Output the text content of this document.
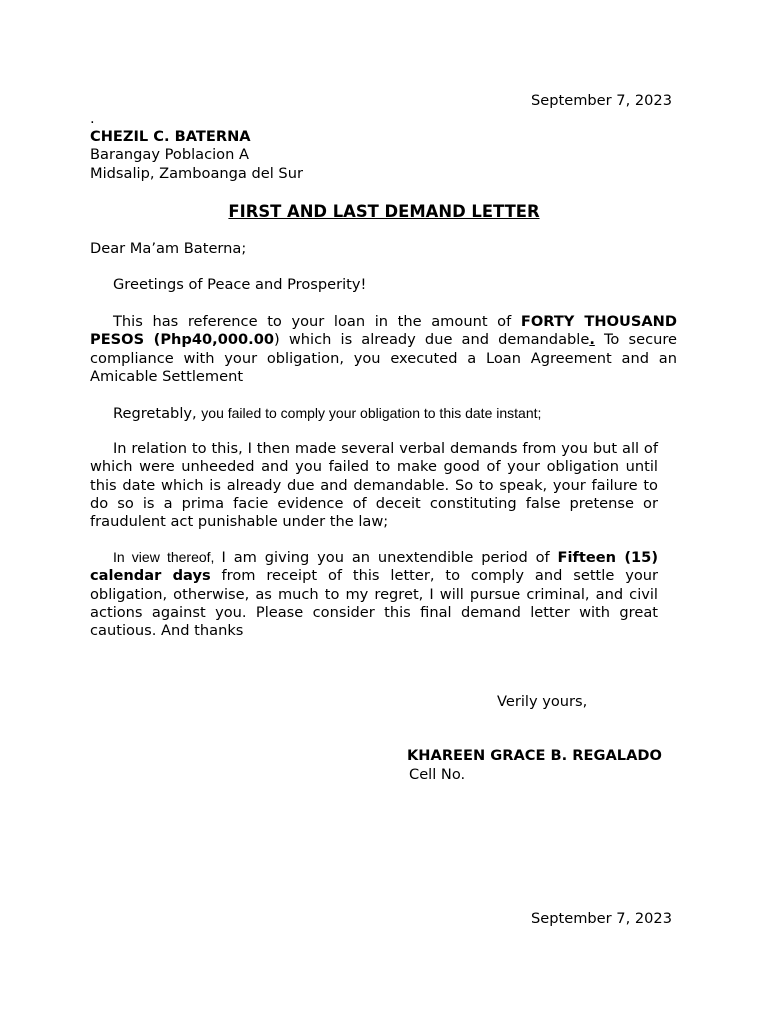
September 7, 2023
.
CHEZIL C. BATERNA
Barangay Poblacion A
Midsalip, Zamboanga del Sur
FIRST AND LAST DEMAND LETTER
Dear Ma’am Baterna;

Greetings of Peace and Prosperity!

This has reference to your loan in the amount of FORTY THOUSAND PESOS (Php40,000.00) which is already due and demandable. To secure compliance with your obligation, you executed a Loan Agreement and an Amicable Settlement

Regretably, you failed to comply your obligation to this date instant;

In relation to this, I then made several verbal demands from you but all of which were unheeded and you failed to make good of your obligation until this date which is already due and demandable. So to speak, your failure to do so is a prima facie evidence of deceit constituting false pretense or fraudulent act punishable under the law;

In view thereof, I am giving you an unextendible period of Fifteen (15) calendar days from receipt of this letter, to comply and settle your obligation, otherwise, as much to my regret, I will pursue criminal, and civil actions against you. Please consider this final demand letter with great cautious. And thanks

Verily yours,
KHAREEN GRACE B. REGALADO
Cell No.
September 7, 2023
